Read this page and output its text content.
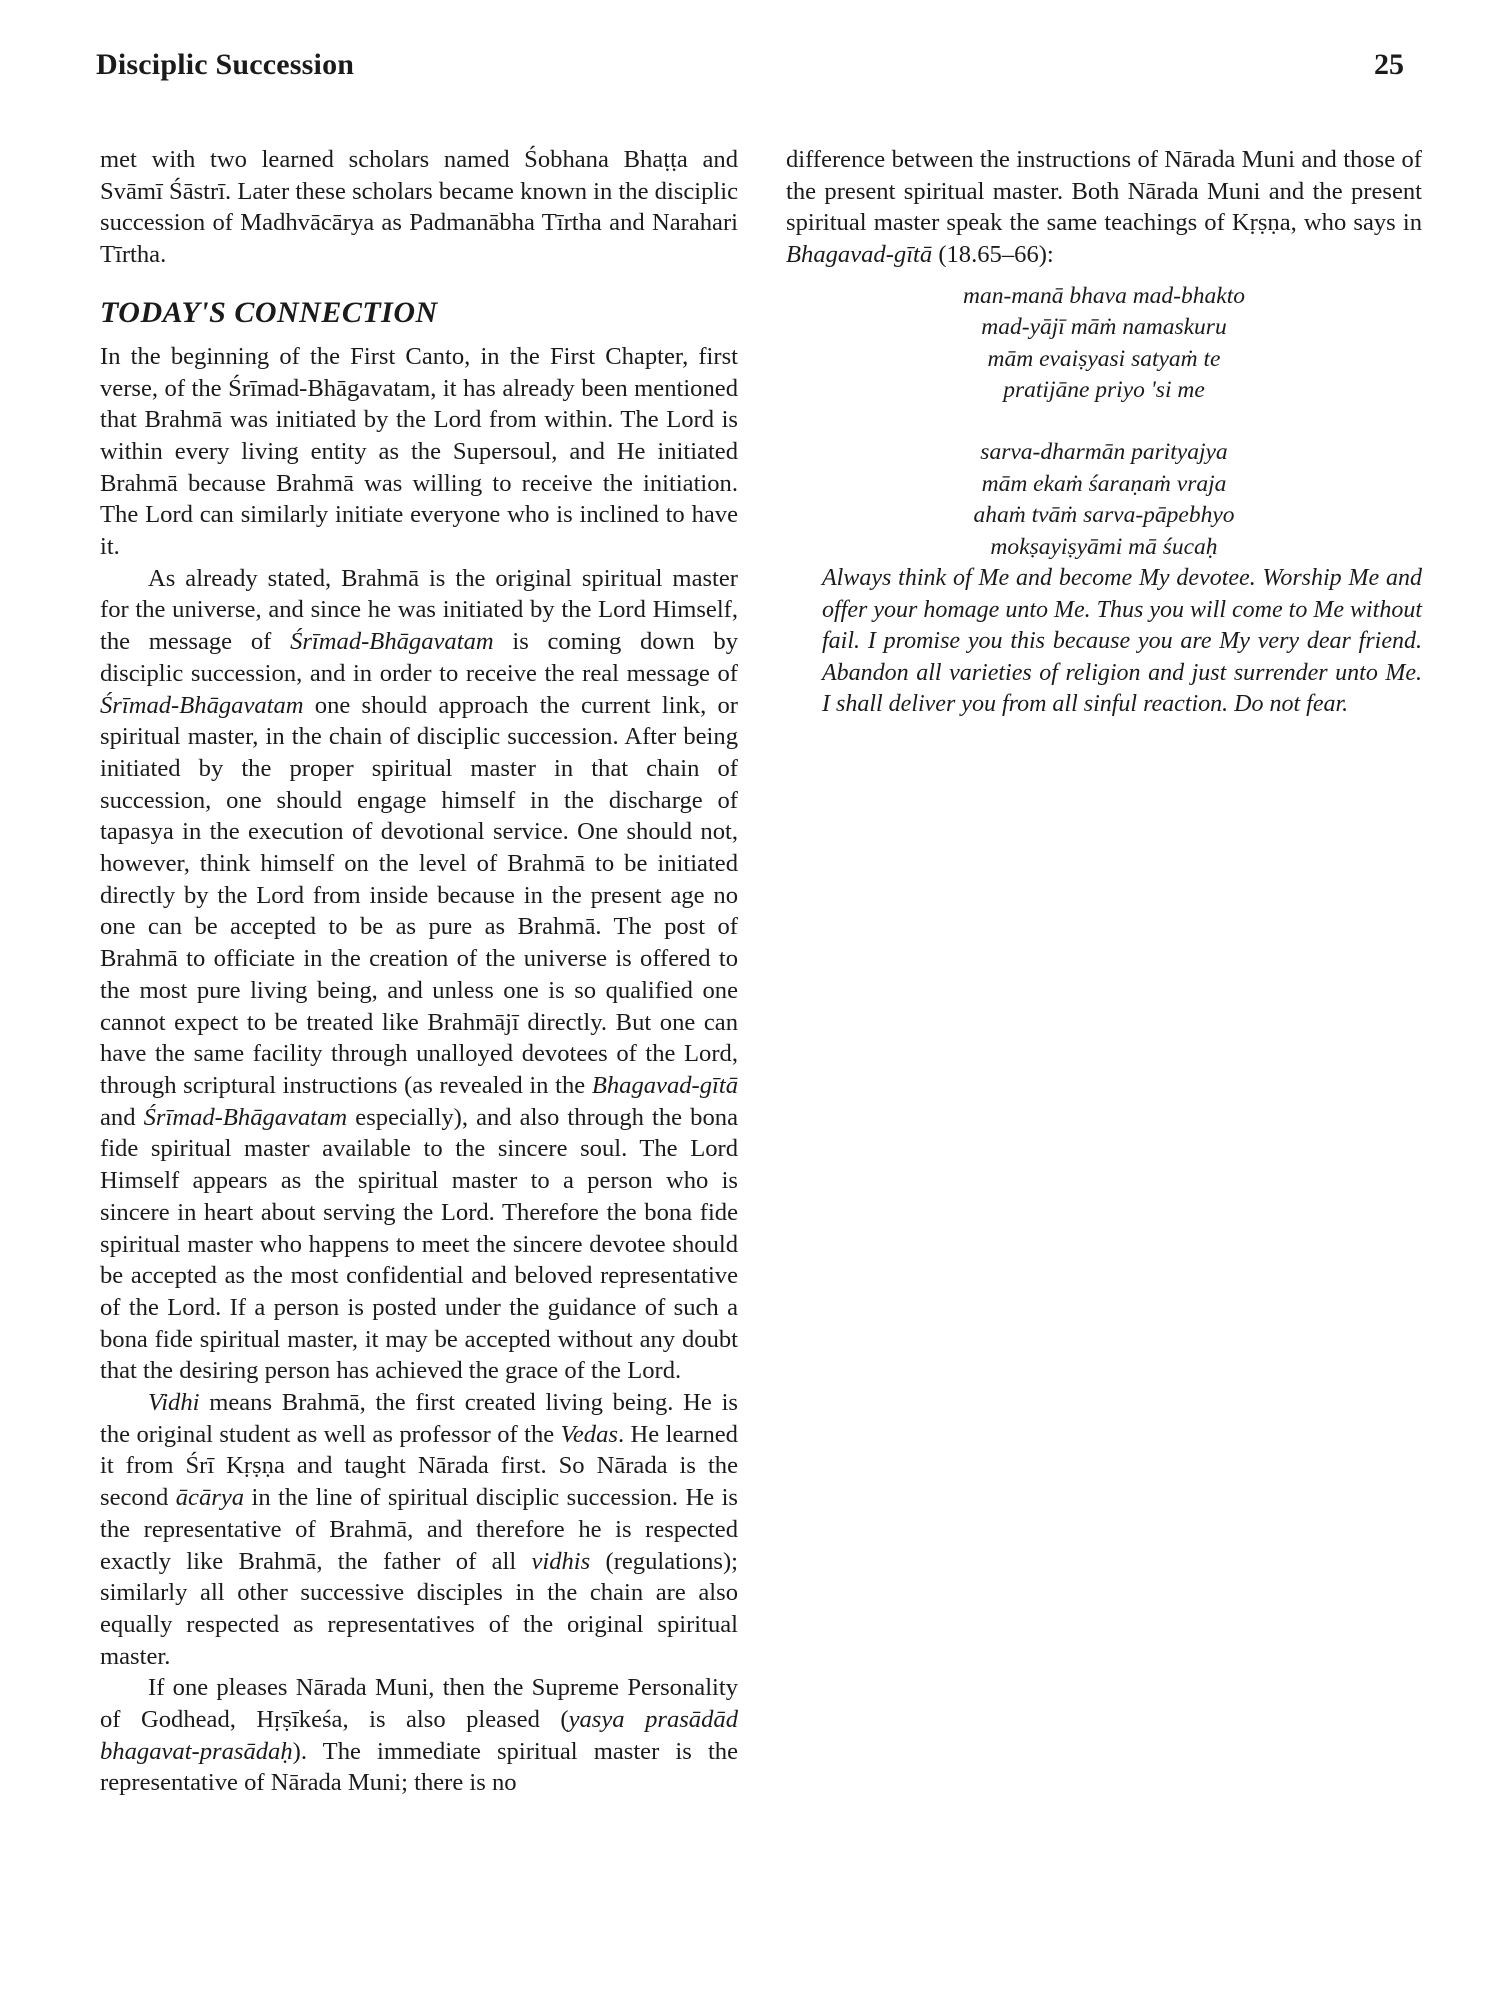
Disciplic Succession	25

met with two learned scholars named Śobhana Bhaṭṭa and Svāmī Śāstrī. Later these scholars became known in the disciplic succession of Madhvācārya as Padmanābha Tīrtha and Narahari Tīrtha.

TODAY'S CONNECTION

In the beginning of the First Canto, in the First Chapter, first verse, of the Śrīmad-Bhāgavatam, it has already been mentioned that Brahmā was initiated by the Lord from within. The Lord is within every living entity as the Supersoul, and He initiated Brahmā because Brahmā was willing to receive the initiation. The Lord can similarly initiate everyone who is inclined to have it.

As already stated, Brahmā is the original spiritual master for the universe, and since he was initiated by the Lord Himself, the message of Śrīmad-Bhāgavatam is coming down by disciplic succession, and in order to receive the real message of Śrīmad-Bhāgavatam one should approach the current link, or spiritual master, in the chain of disciplic succession. After being initiated by the proper spiritual master in that chain of succession, one should engage himself in the discharge of tapasya in the execution of devotional service. One should not, however, think himself on the level of Brahmā to be initiated directly by the Lord from inside because in the present age no one can be accepted to be as pure as Brahmā. The post of Brahmā to officiate in the creation of the universe is offered to the most pure living being, and unless one is so qualified one cannot expect to be treated like Brahmājī directly. But one can have the same facility through unalloyed devotees of the Lord, through scriptural instructions (as revealed in the Bhagavad-gītā and Śrīmad-Bhāgavatam especially), and also through the bona fide spiritual master available to the sincere soul. The Lord Himself appears as the spiritual master to a person who is sincere in heart about serving the Lord. Therefore the bona fide spiritual master who happens to meet the sincere devotee should be accepted as the most confidential and beloved representative of the Lord. If a person is posted under the guidance of such a bona fide spiritual master, it may be accepted without any doubt that the desiring person has achieved the grace of the Lord.

Vidhi means Brahmā, the first created living being. He is the original student as well as professor of the Vedas. He learned it from Śrī Kṛṣṇa and taught Nārada first. So Nārada is the second ācārya in the line of spiritual disciplic succession. He is the representative of Brahmā, and therefore he is respected exactly like Brahmā, the father of all vidhis (regulations); similarly all other successive disciples in the chain are also equally respected as representatives of the original spiritual master.

If one pleases Nārada Muni, then the Supreme Personality of Godhead, Hṛṣīkeśa, is also pleased (yasya prasādād bhagavat-prasādaḥ). The immediate spiritual master is the representative of Nārada Muni; there is no

difference between the instructions of Nārada Muni and those of the present spiritual master. Both Nārada Muni and the present spiritual master speak the same teachings of Kṛṣṇa, who says in Bhagavad-gītā (18.65–66):

man-manā bhava mad-bhakto
mad-yājī māṁ namaskuru
mām evaiṣyasi satyaṁ te
pratijāne priyo 'si me
sarva-dharmān parityajya
mām ekaṁ śaraṇaṁ vraja
ahaṁ tvāṁ sarva-pāpebhyo
mokṣayiṣyāmi mā śucaḥ

Always think of Me and become My devotee. Worship Me and offer your homage unto Me. Thus you will come to Me without fail. I promise you this because you are My very dear friend. Abandon all varieties of religion and just surrender unto Me. I shall deliver you from all sinful reaction. Do not fear.
